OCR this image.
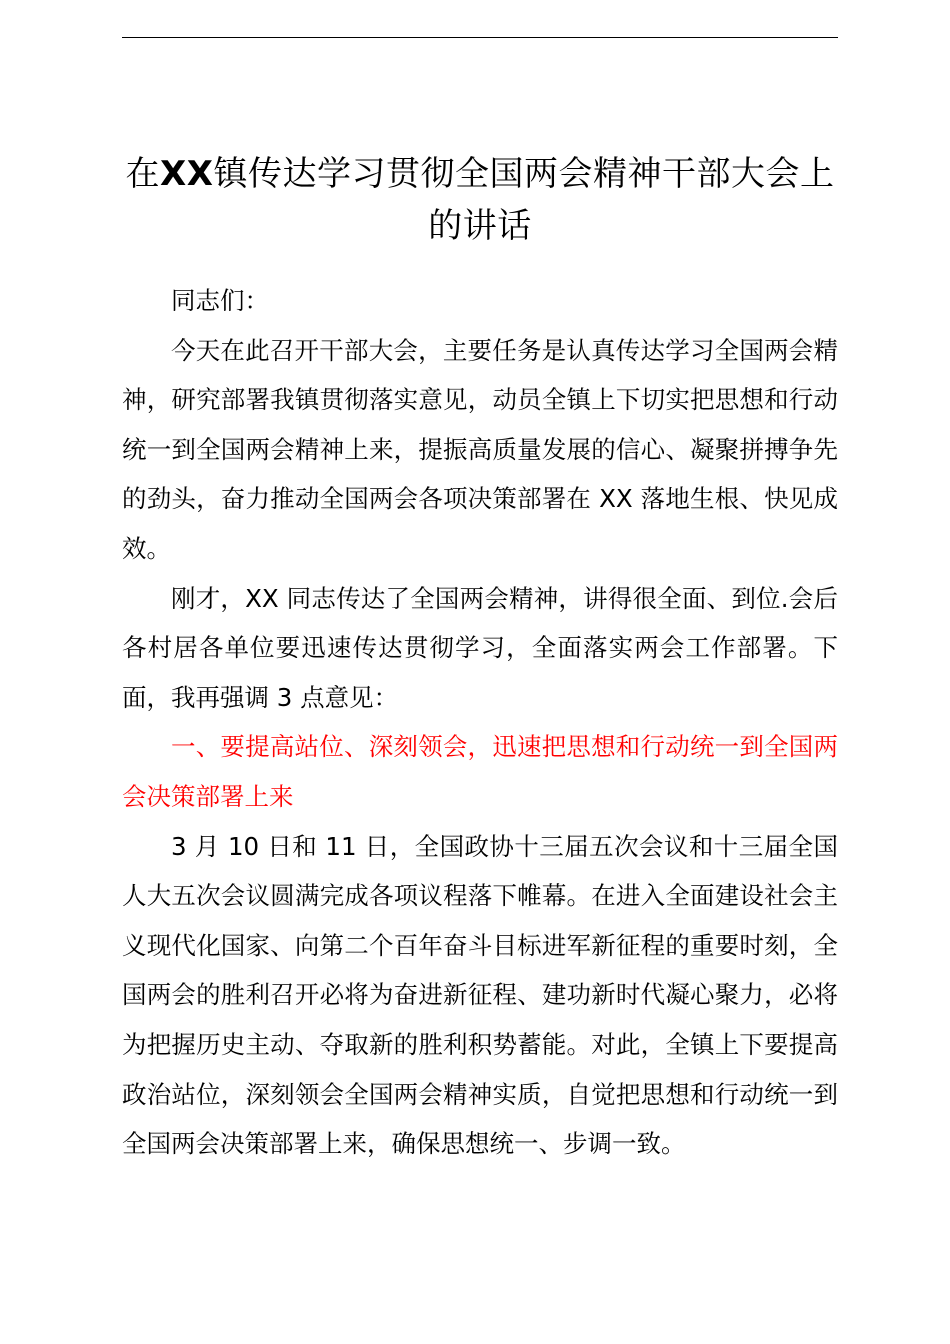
在XX镇传达学习贯彻全国两会精神干部大会上的讲话

同志们：

今天在此召开干部大会，主要任务是认真传达学习全国两会精神，研究部署我镇贯彻落实意见，动员全镇上下切实把思想和行动统一到全国两会精神上来，提振高质量发展的信心、凝聚拼搏争先的劲头，奋力推动全国两会各项决策部署在 XX 落地生根、快见成效。

刚才，XX 同志传达了全国两会精神，讲得很全面、到位.会后各村居各单位要迅速传达贯彻学习，全面落实两会工作部署。下面，我再强调 3 点意见：

一、要提高站位、深刻领会，迅速把思想和行动统一到全国两会决策部署上来

3 月 10 日和 11 日，全国政协十三届五次会议和十三届全国人大五次会议圆满完成各项议程落下帷幕。在进入全面建设社会主义现代化国家、向第二个百年奋斗目标进军新征程的重要时刻，全国两会的胜利召开必将为奋进新征程、建功新时代凝心聚力，必将为把握历史主动、夺取新的胜利积势蓄能。对此，全镇上下要提高政治站位，深刻领会全国两会精神实质，自觉把思想和行动统一到全国两会决策部署上来，确保思想统一、步调一致。
